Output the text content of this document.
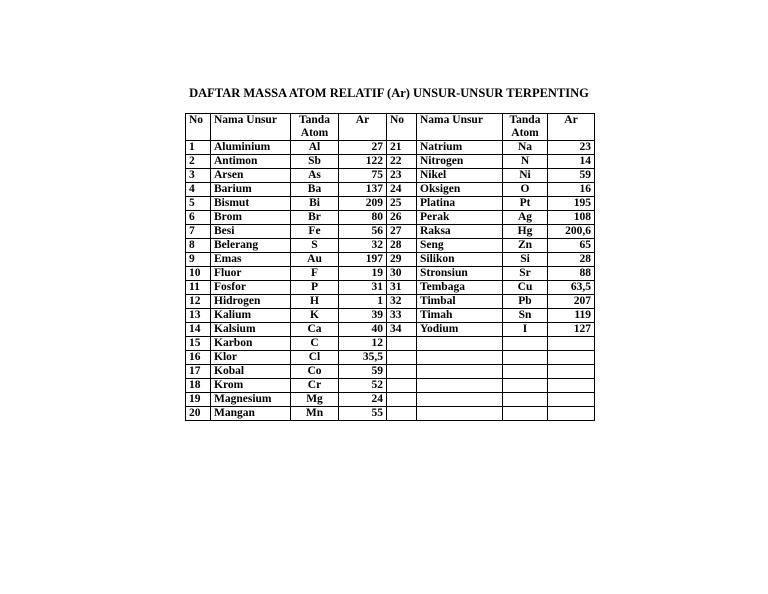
DAFTAR MASSA ATOM RELATIF (Ar) UNSUR-UNSUR TERPENTING
No	Nama Unsur	Tanda	Ar	No	Nama Unsur	Tanda	Ar
		Atom				Atom	
1	Aluminium	Al	27	21	Natrium	Na	23
2	Antimon	Sb	122	22	Nitrogen	N	14
3	Arsen	As	75	23	Nikel	Ni	59
4	Barium	Ba	137	24	Oksigen	O	16
5	Bismut	Bi	209	25	Platina	Pt	195
6	Brom	Br	80	26	Perak	Ag	108
7	Besi	Fe	56	27	Raksa	Hg	200,6
8	Belerang	S	32	28	Seng	Zn	65
9	Emas	Au	197	29	Silikon	Si	28
10	Fluor	F	19	30	Stronsiun	Sr	88
11	Fosfor	P	31	31	Tembaga	Cu	63,5
12	Hidrogen	H	1	32	Timbal	Pb	207
13	Kalium	K	39	33	Timah	Sn	119
14	Kalsium	Ca	40	34	Yodium	I	127
15	Karbon	C	12				
16	Klor	Cl	35,5				
17	Kobal	Co	59				
18	Krom	Cr	52				
19	Magnesium	Mg	24				
20	Mangan	Mn	55				
